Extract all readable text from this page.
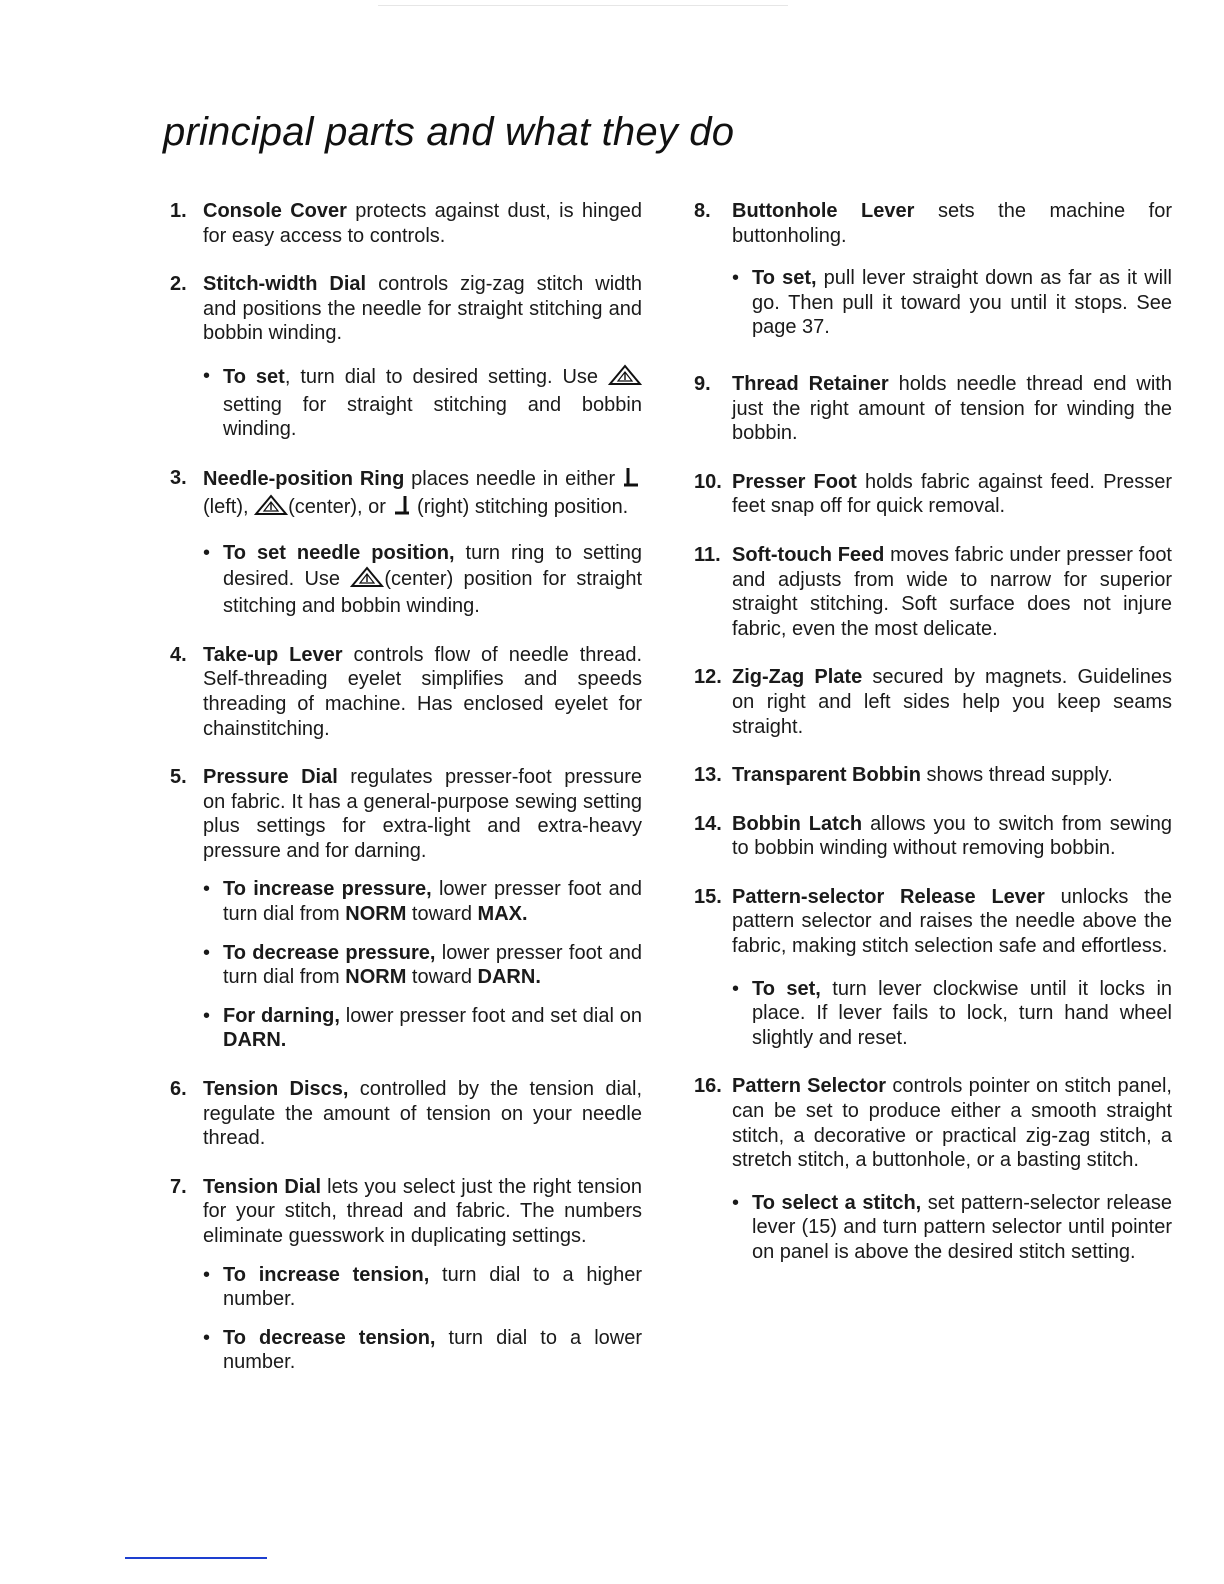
principal parts and what they do
1. Console Cover protects against dust, is hinged for easy access to controls.
2. Stitch-width Dial controls zig-zag stitch width and positions the needle for straight stitching and bobbin winding.
• To set, turn dial to desired setting. Use  setting for straight stitching and bobbin winding.
3. Needle-position Ring places needle in either  (left), (center), or  (right) stitching position.
• To set needle position, turn ring to setting desired. Use (center) position for straight stitching and bobbin winding.
4. Take-up Lever controls flow of needle thread. Self-threading eyelet simplifies and speeds threading of machine. Has enclosed eyelet for chainstitching.
5. Pressure Dial regulates presser-foot pressure on fabric. It has a general-purpose sewing setting plus settings for extra-light and extra-heavy pressure and for darning.
• To increase pressure, lower presser foot and turn dial from NORM toward MAX.
• To decrease pressure, lower presser foot and turn dial from NORM toward DARN.
• For darning, lower presser foot and set dial on DARN.
6. Tension Discs, controlled by the tension dial, regulate the amount of tension on your needle thread.
7. Tension Dial lets you select just the right tension for your stitch, thread and fabric. The numbers eliminate guesswork in duplicating settings.
• To increase tension, turn dial to a higher number.
• To decrease tension, turn dial to a lower number.
8. Buttonhole Lever sets the machine for buttonholing.
• To set, pull lever straight down as far as it will go. Then pull it toward you until it stops. See page 37.
9. Thread Retainer holds needle thread end with just the right amount of tension for winding the bobbin.
10. Presser Foot holds fabric against feed. Presser feet snap off for quick removal.
11. Soft-touch Feed moves fabric under presser foot and adjusts from wide to narrow for superior straight stitching. Soft surface does not injure fabric, even the most delicate.
12. Zig-Zag Plate secured by magnets. Guidelines on right and left sides help you keep seams straight.
13. Transparent Bobbin shows thread supply.
14. Bobbin Latch allows you to switch from sewing to bobbin winding without removing bobbin.
15. Pattern-selector Release Lever unlocks the pattern selector and raises the needle above the fabric, making stitch selection safe and effortless.
• To set, turn lever clockwise until it locks in place. If lever fails to lock, turn hand wheel slightly and reset.
16. Pattern Selector controls pointer on stitch panel, can be set to produce either a smooth straight stitch, a decorative or practical zig-zag stitch, a stretch stitch, a buttonhole, or a basting stitch.
• To select a stitch, set pattern-selector release lever (15) and turn pattern selector until pointer on panel is above the desired stitch setting.
